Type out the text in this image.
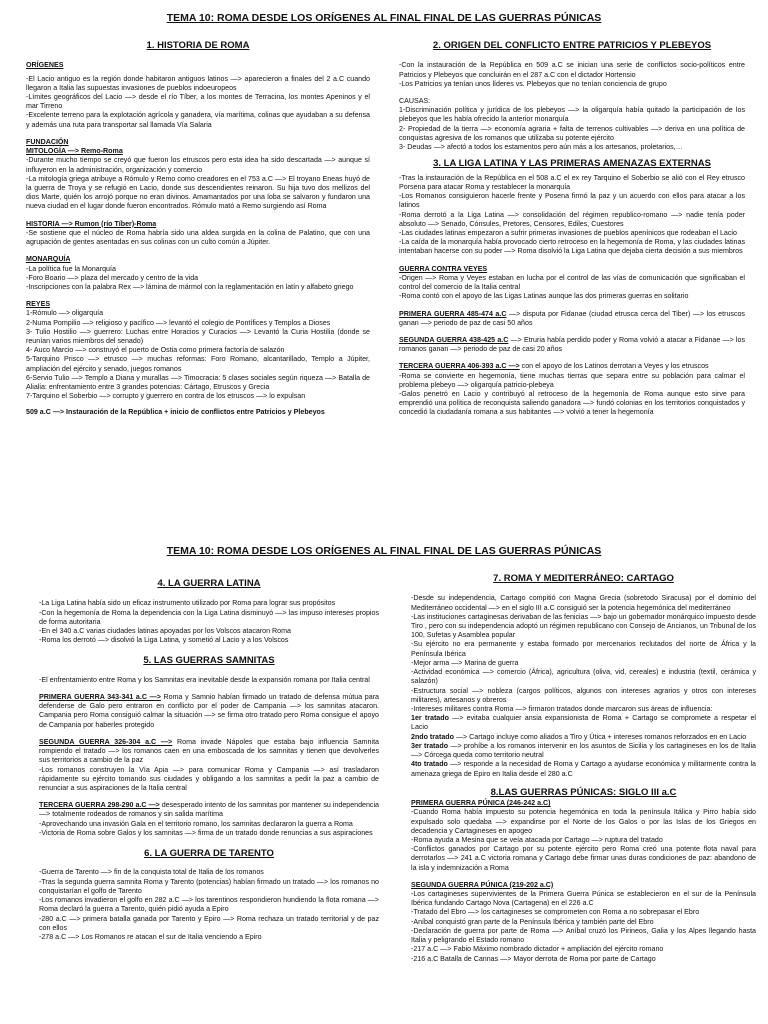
TEMA 10: ROMA DESDE LOS ORÍGENES AL FINAL FINAL DE LAS GUERRAS PÚNICAS
1. HISTORIA DE ROMA
ORÍGENES

-El Lacio antiguo es la región donde habitaron antiguos latinos —> aparecieron a finales del 2 a.C cuando llegaron a Italia las supuestas invasiones de pueblos indoeuropeos

-Límites geográficos del Lacio —> desde el río Tíber, a los montes de Terracina, los montes Apeninos y el mar Tirreno

-Excelente terreno para la explotación agrícola y ganadera, vía marítima, colinas que ayudaban a su defensa y además una ruta para transportar sal llamada Vía Salaria

FUNDACIÓN
MITOLOGÍA —> Remo-Roma

-Durante mucho tiempo se creyó que fueron los etruscos pero esta idea ha sido descartada —> aunque sí influyeron en la administración, organización y comercio

-La mitología griega atribuye a Rómulo y Remo como creadores en el 753 a.C —> El troyano Eneas huyó de la guerra de Troya y se refugió en Lacio, donde sus descendientes reinaron. Su hija tuvo dos mellizos del dios Marte, quién los arrojó porque no eran divinos. Amamantados por una loba se salvaron y fundaron una nueva ciudad en el lugar donde fueron encontrados. Rómulo mató a Remo surgiendo así Roma

HISTORIA —> Rumon (río Tíber)-Roma

-Se sostiene que el núcleo de Roma habría sido una aldea surgida en la colina de Palatino, que con una agrupación de gentes asentadas en sus colinas con un culto común a Júpiter.

MONARQUÍA

-La política fue la Monarquía

-Foro Boario —> plaza del mercado y centro de la vida

-Inscripciones con la palabra Rex —> lámina de mármol con la reglamentación en latín y alfabeto griego

REYES

1-Rómulo —> oligarquía

2-Numa Pompilio —> religioso y pacífico —> levantó el colegio de Pontífices y Templos a Dioses

3- Tulio Hostilio —> guerrero: Luchas entre Horacios y Curacios —> Levantó la Curia Hostilia (donde se reunían varios miembros del senado)

4- Auco Marcio —> construyó el puerto de Ostia como primera factoría de salazón

5-Tarquino Prisco —> etrusco —> muchas reformas: Foro Romano, alcantarillado, Templo a Júpiter, ampliación del ejército y senado, juegos romanos

6-Servio Tulio —> Templo a Diana y murallas —> Timocracia: 5 clases sociales según riqueza —> Batalla de Alialia: enfrentamiento entre 3 grandes potencias: Cártago, Etruscos y Grecia

7-Tarquino el Soberbio —> corrupto y guerrero en contra de los etruscos —> lo expulsan

509 a.C —> Instauración de la República + inicio de conflictos entre Patricios y Plebeyos

2. ORIGEN DEL CONFLICTO ENTRE PATRICIOS Y PLEBEYOS

-Con la instauración de la República en 509 a.C se inician una serie de conflictos socio-políticos entre Patricios y Plebeyos que concluirán en el 287 a.C con el dictador Hortensio

-Los Patricios ya tenían unos líderes vs. Plebeyos que no tenían conciencia de grupo

CAUSAS:

1-Discriminación política y jurídica de los plebeyos —> la oligarquía había quitado la participación de los plebeyos que les había ofrecido la anterior monarquía

2- Propiedad de la tierra —> economía agraria + falta de terrenos cultivables —> deriva en una política de conquistas agresiva de los romanos que utilizaba su potente ejército

3- Deudas —> afectó a todos los estamentos pero aún más a los artesanos, proletarios,…

3. LA LIGA LATINA Y LAS PRIMERAS AMENAZAS EXTERNAS

-Tras la instauración de la República en el 508 a.C el ex rey Tarquino el Soberbio se alió con el Rey etrusco Porsena para atacar Roma y restablecer la monarquía

-Los Romanos consiguieron hacerle frente y Posena firmó la paz y un acuerdo con ellos para atacar a los latinos

-Roma derrotó a la Liga Latina —> consolidación del régimen republico-romano —> nadie tenía poder absoluto —> Senado, Cónsules, Pretores, Censores, Ediles, Cuestores

-Las ciudades latinas empezaron a sufrir primeras invasiones de pueblos apenínicos que rodeaban el Lacio

-La caída de la monarquía había provocado cierto retroceso en la hegemonía de Roma, y las ciudades latinas intentaban hacerse con su poder —> Roma disolvió la Liga Latina que dejaba cierta decisión a sus miembros

GUERRA CONTRA VEYES

-Origen —> Roma y Veyes estaban en lucha por el control de las vías de comunicación que significaban el control del comercio de la Italia central

-Roma contó con el apoyo de las Ligas Latinas aunque las dos primeras guerras en solitario

PRIMERA GUERRA 485-474 a.C —> disputa por Fidanae (ciudad etrusca cerca del Tiber) —> los etruscos ganan —> periodo de paz de casi 50 años

SEGUNDA GUERRA 438-425 a.C —> Etruria había perdido poder y Roma volvió a atacar a Fidanae —> los romanos ganan —> periodo de paz de casi 20 años

TERCERA GUERRA 406-393 a.C —> con el apoyo de los Latinos derrotan a Veyes y los etruscos

-Roma se convierte en hegemonía, tiene muchas tierras que separa entre su población para calmar el problema plebeyo —> oligarquía patricio-plebeya

-Galos penetró en Lacio y contribuyó al retroceso de la hegemonía de Roma aunque esto sirve para emprendió una política de reconquista saliendo ganadora —> fundó colonias en los territorios conquistados y concedió la ciudadanía romana a sus habitantes —> volvió a tener la hegemonía

TEMA 10: ROMA DESDE LOS ORÍGENES AL FINAL FINAL DE LAS GUERRAS PÚNICAS
4. LA GUERRA LATINA

-La Liga Latina había sido un eficaz instrumento utilizado por Roma para lograr sus propósitos

-Con la hegemonía de Roma la dependencia con la Liga Latina disminuyó —> las impuso intereses propios de forma autoritaria

-En el 340 a.C varias ciudades latinas apoyadas por los Volscos atacaron Roma

-Roma los derrotó —> disolvió la Liga Latina, y sometió al Lacio y a los Volscos

5. LAS GUERRAS SAMNITAS

-El enfrentamiento entre Roma y los Samnitas era inevitable desde la expansión romana por Italia central

PRIMERA GUERRA 343-341 a.C —> Roma y Samnio habían firmado un tratado de defensa mútua para defenderse de Galo pero entraron en conflicto por el poder de Campania —> los samnitas atacaron. Campania pero Roma consiguió calmar la situación —> se firma otro tratado pero Roma consigue el apoyo de Campania por haberles protegido

SEGUNDA GUERRA 326-304 a.C —> Roma invade Nápoles que estaba bajo influencia Samnita rompiendo el tratado —> los romanos caen en una emboscada de los samnitas y tienen que devolverles sus territorios a cambio de la paz

-Los romanos construyen la Vía Apia —> para comunicar Roma y Campania —> así trasladaron rápidamente su ejército tomando sus ciudades y obligando a los samnitas a pedir la paz a cambio de renunciar a sus aspiraciones de la Italia central

TERCERA GUERRA 298-290 a.C —> desesperado intento de los samnitas por mantener su independencia —> totalmente rodeados de romanos y sin salida marítima

-Aprovechando una invasión Gala en el territorio romano, los samnitas declararon la guerra a Roma

-Victoria de Roma sobre Galos y los samnitas —> firma de un tratado donde renuncias a sus aspiraciones

6. LA GUERRA DE TARENTO

-Guerra de Tarento —> fin de la conquista total de Italia de los romanos

-Tras la segunda guerra samnita Roma y Tarento (potencias) habían firmado un tratado —> los romanos no conquistarían el golfo de Tarento

-Los romanos invadieron el golfo en 282 a.C —> los tarentinos respondieron hundiendo la flota romana —> Roma declaró la guerra a Tarento, quién pidió ayuda a Epiro

-280 a.C —> primera batalla ganada por Tarento y Epiro —> Roma rechaza un tratado territorial y de paz con ellos

-278 a.C —> Los Romanos re atacan el sur de Italia venciendo a Epiro

7. ROMA Y MEDITERRÁNEO: CARTAGO

-Desde su independencia, Cartago compitió con Magna Grecia (sobretodo Siracusa) por el dominio del Mediterráneo occidental —> en el siglo III a.C consiguió ser la potencia hegemónica del mediterráneo

-Las instituciones cartaginesas derivaban de las fenicias —> bajo un gobernador monárquico impuesto desde Tiro , pero con su independencia adoptó un régimen republicano con Consejo de Ancianos, un Tribunal de los 100, Sufetas y Asamblea popular

-Su ejército no era permanente y estaba formado por mercenarios reclutados del norte de África y la Península Ibérica

-Mejor arma —> Marina de guerra

-Actividad económica —> comercio (África), agricultura (oliva, vid, cereales) e industria (textil, cerámica y salazón)

-Estructura social —> nobleza (cargos políticos, algunos con intereses agrarios y otros con intereses militares), artesanos y obreros

-Intereses militares contra Roma —> firmaron tratados donde marcaron sus áreas de influencia:

1er tratado —> evitaba cualquier ansia expansionista de Roma + Cartago se compromete a respetar el Lacio

2ndo tratado —> Cartago incluye como aliados a Tiro y Útica + intereses romanos reforzados en en Lacio

3er tratado —> prohíbe a los romanos intervenir en los asuntos de Sicilia y los cartagineses en los de Italia —> Córcega queda como territorio neutral

4to tratado —> responde a la necesidad de Roma y Cartago a ayudarse económica y militarmente contra la amenaza griega de Epiro en Italia desde el 280 a.C

8.LAS GUERRAS PÚNICAS: SIGLO III a.C
PRIMERA GUERRA PÚNICA (246-242 a.C)

-Cuando Roma había impuesto su potencia hegemónica en toda la península Itálica y Pirro había sido expulsado solo quedaba —> expandirse por el Norte de los Galos o por las Islas de los Griegos en decadencia y Cartagineses en apogeo

-Roma ayuda a Mesina que se veía atacada por Cartago —> ruptura del tratado

-Conflictos ganados por Cartago por su potente ejército pero Roma creó una potente flota naval para derrotarlos —> 241 a.C victoria romana y Cartago debe firmar unas duras condiciones de paz: abandono de la isla y indemnización a Roma

SEGUNDA GUERRA PÚNICA (219-202 a.C)

-Los cartagineses supervivientes de la Primera Guerra Púnica se establecieron en el sur de la Península Ibérica fundando Cartago Nova (Cartagena) en el 226 a.C

-Tratado del Ebro —> los cartagineses se comprometen con Roma a no sobrepasar el Ebro

-Aníbal conquistó gran parte de la Península Ibérica y también parte del Ebro

-Declaración de guerra por parte de Roma —> Aníbal cruzó los Pirineos, Galia y los Alpes llegando hasta Italia y peligrando el Estado romano

-217 a.C —> Fabio Máximo nombrado dictador + ampliación del ejército romano

-216 a.C Batalla de Cannas —> Mayor derrota de Roma por parte de Cartago
